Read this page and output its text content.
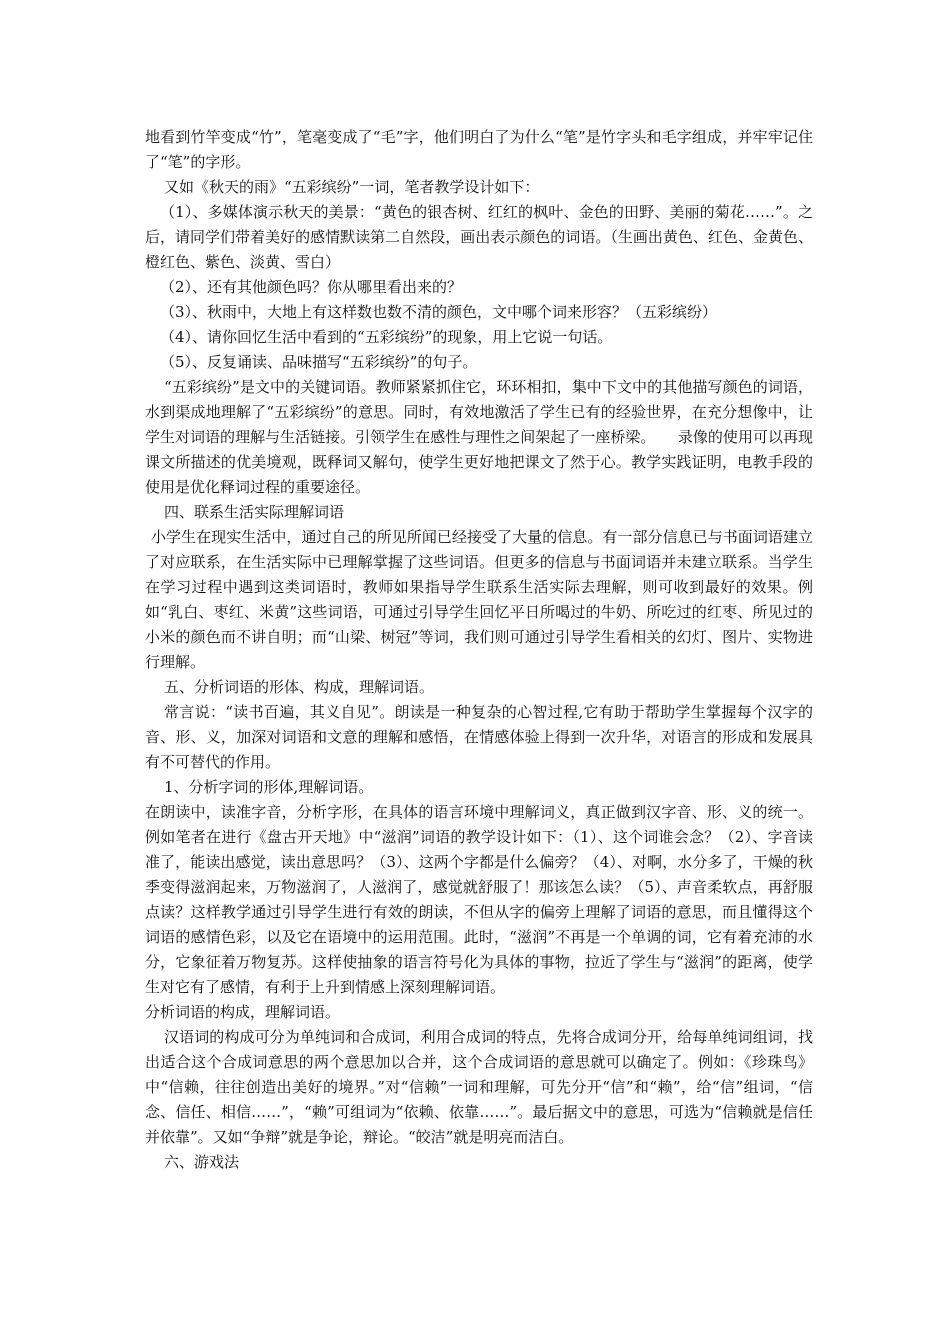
地看到竹竿变成“竹”，笔毫变成了“毛”字，他们明白了为什么“笔”是竹字头和毛字组成，并牢牢记住了“笔”的字形。

又如《秋天的雨》“五彩缤纷”一词，笔者教学设计如下：

（1）、多媒体演示秋天的美景：“黄色的银杏树、红红的枫叶、金色的田野、美丽的菊花……”。之后，请同学们带着美好的感情默读第二自然段，画出表示颜色的词语。（生画出黄色、红色、金黄色、橙红色、紫色、淡黄、雪白）

（2）、还有其他颜色吗？你从哪里看出来的？

（3）、秋雨中，大地上有这样数也数不清的颜色，文中哪个词来形容？（五彩缤纷）

（4）、请你回忆生活中看到的“五彩缤纷”的现象，用上它说一句话。

（5）、反复诵读、品味描写“五彩缤纷”的句子。

“五彩缤纷”是文中的关键词语。教师紧紧抓住它，环环相扣，集中下文中的其他描写颜色的词语，水到渠成地理解了“五彩缤纷”的意思。同时，有效地激活了学生已有的经验世界，在充分想像中，让学生对词语的理解与生活链接。引领学生在感性与理性之间架起了一座桥梁。　　录像的使用可以再现课文所描述的优美境观，既释词又解句，使学生更好地把课文了然于心。教学实践证明，电教手段的使用是优化释词过程的重要途径。

四、联系生活实际理解词语

小学生在现实生活中，通过自己的所见所闻已经接受了大量的信息。有一部分信息已与书面词语建立了对应联系，在生活实际中已理解掌握了这些词语。但更多的信息与书面词语并未建立联系。当学生在学习过程中遇到这类词语时，教师如果指导学生联系生活实际去理解，则可收到最好的效果。例如“乳白、枣红、米黄”这些词语，可通过引导学生回忆平日所喝过的牛奶、所吃过的红枣、所见过的小米的颜色而不讲自明；而“山梁、树冠”等词，我们则可通过引导学生看相关的幻灯、图片、实物进行理解。

五、分析词语的形体、构成，理解词语。

常言说：“读书百遍，其义自见”。朗读是一种复杂的心智过程,它有助于帮助学生掌握每个汉字的音、形、义，加深对词语和文意的理解和感悟，在情感体验上得到一次升华，对语言的形成和发展具有不可替代的作用。

1、分析字词的形体,理解词语。

在朗读中，读准字音，分析字形，在具体的语言环境中理解词义，真正做到汉字音、形、义的统一。例如笔者在进行《盘古开天地》中“滋润”词语的教学设计如下：（1）、这个词谁会念？（2）、字音读准了，能读出感觉，读出意思吗？（3）、这两个字都是什么偏旁？（4）、对啊，水分多了，干燥的秋季变得滋润起来，万物滋润了，人滋润了，感觉就舒服了！那该怎么读？（5）、声音柔软点，再舒服点读？这样教学通过引导学生进行有效的朗读，不但从字的偏旁上理解了词语的意思，而且懂得这个词语的感情色彩，以及它在语境中的运用范围。此时，“滋润”不再是一个单调的词，它有着充沛的水分，它象征着万物复苏。这样使抽象的语言符号化为具体的事物，拉近了学生与“滋润”的距离，使学生对它有了感情，有利于上升到情感上深刻理解词语。

分析词语的构成，理解词语。

汉语词的构成可分为单纯词和合成词，利用合成词的特点，先将合成词分开，给每单纯词组词，找出适合这个合成词意思的两个意思加以合并，这个合成词语的意思就可以确定了。例如：《珍珠鸟》中“信赖，往往创造出美好的境界。”对“信赖”一词和理解，可先分开“信”和“赖”，给“信”组词，“信念、信任、相信……”，“赖”可组词为“依赖、依靠……”。最后据文中的意思，可选为“信赖就是信任并依靠”。又如“争辩”就是争论，辩论。“皎洁”就是明亮而洁白。

六、游戏法
